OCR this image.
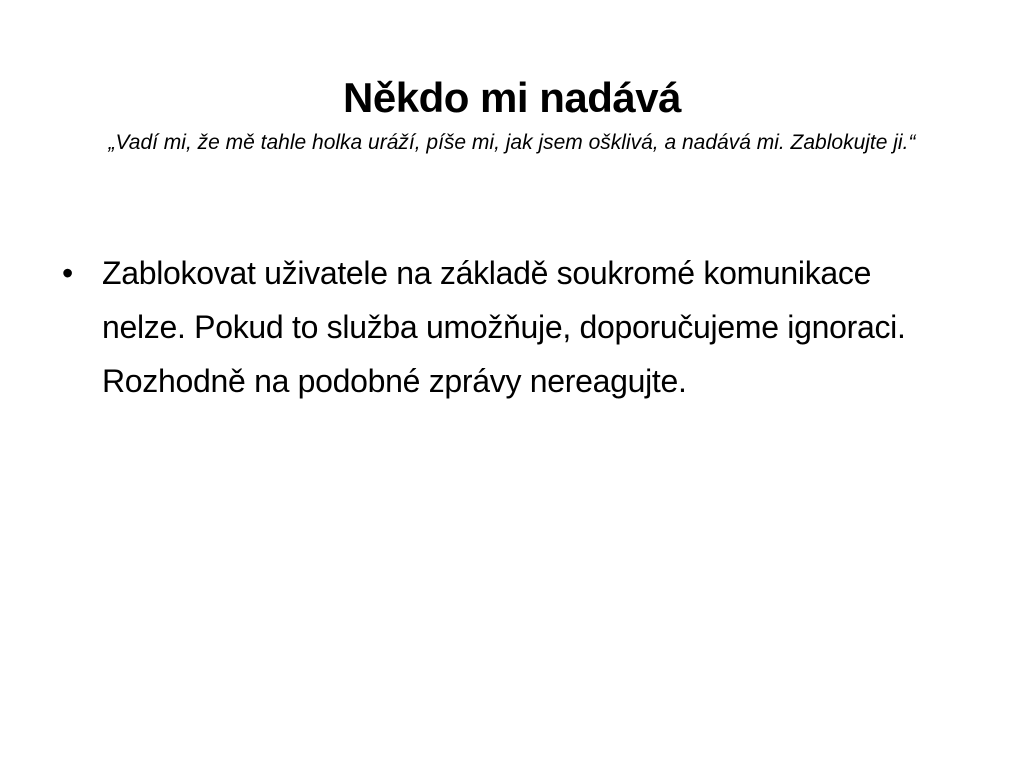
Někdo mi nadává

„Vadí mi, že mě tahle holka uráží, píše mi, jak jsem ošklivá, a nadává mi. Zablokujte ji.“

• Zablokovat uživatele na základě soukromé komunikace nelze. Pokud to služba umožňuje, doporučujeme ignoraci. Rozhodně na podobné zprávy nereagujte.
